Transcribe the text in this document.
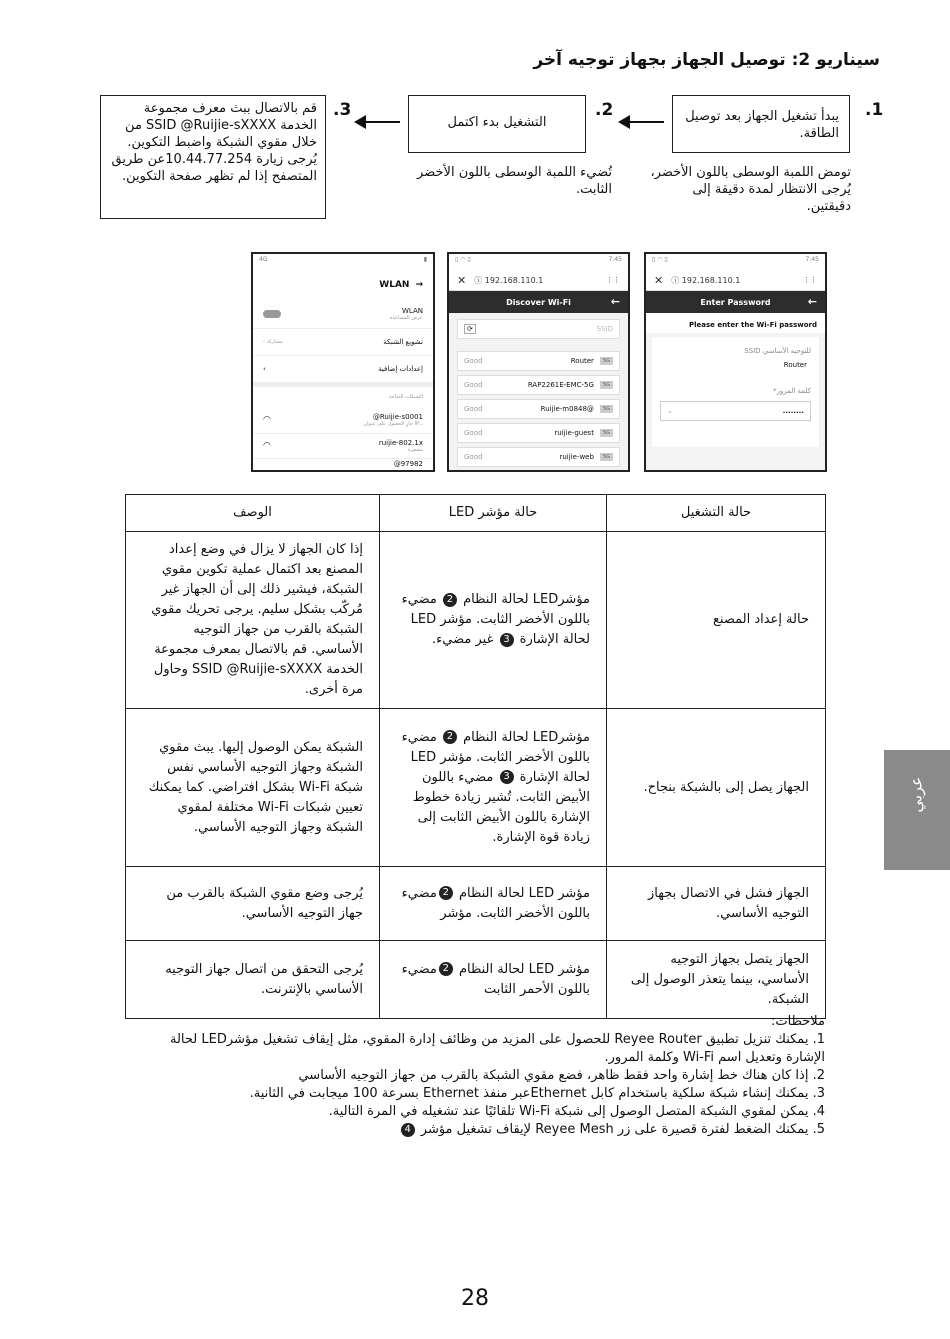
سيناريو 2: توصيل الجهاز بجهاز توجيه آخر
.1
يبدأ تشغيل الجهاز بعد توصيل الطاقة.
تومض اللمبة الوسطى باللون الأخضر، يُرجى الانتظار لمدة دقيقة إلى دقيقتين.
.2
التشغيل بدء اكتمل
تُضيء اللمبة الوسطى باللون الأخضر الثابت.
.3
قم بالاتصال ببث معرف مجموعة الخدمة SSID @Ruijie-sXXXX من خلال مقوي الشبكة واضبط التكوين. يُرجى زيارة 10.44.77.254عن طريق المتصفح إذا لم تظهر صفحة التكوين.
4G	▮
WLAN →
WLAN
عرض المساعدة
‹ مشاركة	تشويع الشبكة
‹	إعدادات إضافية
الشبكات المتاحة
◠	@Ruijie-s0001
جارٍ الحصول على عنوان IP...
◠	ruijie-802.1x
مشفرة
@97982
▯ ◠ ▯	7:45
✕ ⓘ 192.168.110.1	⋮⋮
Discover Wi-Fi	←
⟳	SSID
Good	Router	5G
Good	RAP2261E-EMC-5G	5G
Good	Ruijie-m0848@	5G
Good	ruijie-guest	5G
Good	ruijie-web	5G
▯ ◠ ▯	7:45
✕ ⓘ 192.168.110.1	⋮⋮
Enter Password	←
Please enter the Wi-Fi password
SSID للتوجيه الأساسي
Router
*كلمة المرور
⌄	........
حالة التشغيل	حالة مؤشر LED	الوصف
حالة إعداد المصنع	مؤشرLED لحالة النظام 2 مضيء باللون الأخضر الثابت. مؤشر LED لحالة الإشارة 3 غير مضيء.	إذا كان الجهاز لا يزال في وضع إعداد المصنع بعد اكتمال عملية تكوين مقوي الشبكة، فيشير ذلك إلى أن الجهاز غير مُركّب بشكل سليم. يرجى تحريك مقوي الشبكة بالقرب من جهاز التوجيه الأساسي. قم بالاتصال بمعرف مجموعة الخدمة SSID @Ruijie-sXXXX وحاول مرة أخرى.
الجهاز يصل إلى بالشبكة بنجاح.	مؤشرLED لحالة النظام 2 مضيء باللون الأخضر الثابت. مؤشر LED لحالة الإشارة 3 مضيء باللون الأبيض الثابت. تُشير زيادة خطوط الإشارة باللون الأبيض الثابت إلى زيادة قوة الإشارة.	الشبكة يمكن الوصول إليها. يبث مقوي الشبكة وجهاز التوجيه الأساسي نفس شبكة Wi-Fi بشكل افتراضي. كما يمكنك تعيين شبكات Wi-Fi مختلفة لمقوي الشبكة وجهاز التوجيه الأساسي.
الجهاز فشل في الاتصال بجهاز التوجيه الأساسي.	مؤشر LED لحالة النظام 2مضيء باللون الأخضر الثابت. مؤشر	يُرجى وضع مقوي الشبكة بالقرب من جهاز التوجيه الأساسي.
الجهاز يتصل بجهاز التوجيه الأساسي، بينما يتعذر الوصول إلى الشبكة.	مؤشر LED لحالة النظام 2مضيء باللون الأحمر الثابت	يُرجى التحقق من اتصال جهاز التوجيه الأساسي بالإنترنت.
عربي
ملاحظات:
1. يمكنك تنزيل تطبيق Reyee Router للحصول على المزيد من وظائف إدارة المقوي، مثل إيقاف تشغيل مؤشرLED لحالة
الإشارة وتعديل اسم Wi-Fi وكلمة المرور.
2. إذا كان هناك خط إشارة واحد فقط ظاهر، فضع مقوي الشبكة بالقرب من جهاز التوجيه الأساسي
3. يمكنك إنشاء شبكة سلكية باستخدام كابل Ethernetعبر منفذ Ethernet بسرعة 100 ميجابت في الثانية.
4. يمكن لمقوي الشبكة المتصل الوصول إلى شبكة Wi-Fi تلقائيًا عند تشغيله في المرة التالية.
5. يمكنك الضغط لفترة قصيرة على زر Reyee Mesh لإيقاف تشغيل مؤشر 4
28
